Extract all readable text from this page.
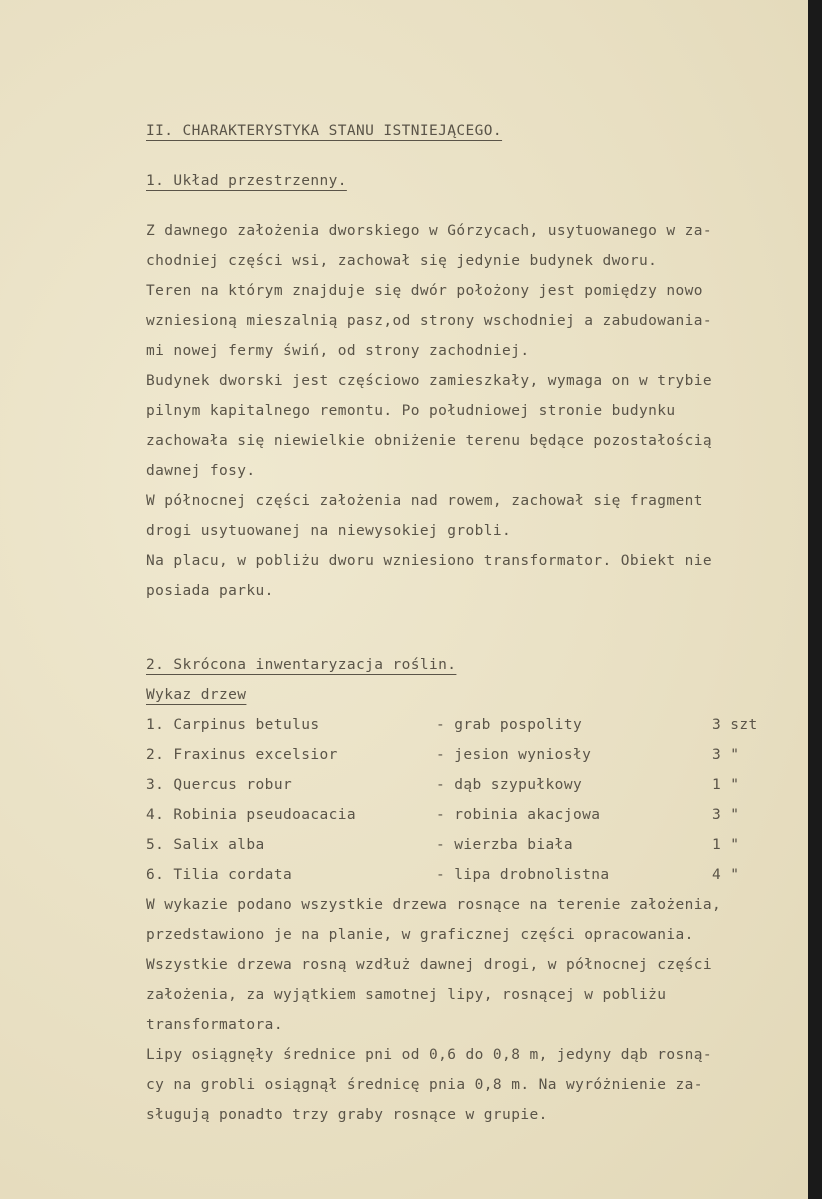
II. CHARAKTERYSTYKA STANU ISTNIEJĄCEGO.
1. Układ przestrzenny.
Z dawnego założenia dworskiego w Górzycach, usytuowanego w za-
chodniej części wsi, zachował się jedynie budynek dworu.
Teren na którym znajduje się dwór położony jest pomiędzy nowo
wzniesioną mieszalnią pasz,od strony wschodniej a zabudowania-
mi nowej fermy świń, od strony zachodniej.
Budynek dworski jest częściowo zamieszkały, wymaga on w trybie
pilnym kapitalnego remontu. Po południowej stronie budynku
zachowała się niewielkie obniżenie terenu będące pozostałością
dawnej fosy.
W północnej części założenia nad rowem, zachował się fragment
drogi usytuowanej na niewysokiej grobli.
Na placu, w pobliżu dworu wzniesiono transformator. Obiekt nie
posiada parku.
2. Skrócona inwentaryzacja roślin.
Wykaz drzew
1. Carpinus betulus	- grab pospolity	3 szt
2. Fraxinus excelsior	- jesion wyniosły	3 "
3. Quercus robur	- dąb szypułkowy	1 "
4. Robinia pseudoacacia	- robinia akacjowa	3 "
5. Salix alba	- wierzba biała	1 "
6. Tilia cordata	- lipa drobnolistna	4 "
W wykazie podano wszystkie drzewa rosnące na terenie założenia,
przedstawiono je na planie, w graficznej części opracowania.
Wszystkie drzewa rosną wzdłuż dawnej drogi, w północnej części
założenia, za wyjątkiem samotnej lipy, rosnącej w pobliżu
transformatora.
Lipy osiągnęły średnice pni od 0,6 do 0,8 m, jedyny dąb rosną-
cy na grobli osiągnął średnicę pnia 0,8 m. Na wyróżnienie za-
sługują ponadto trzy graby rosnące w grupie.
